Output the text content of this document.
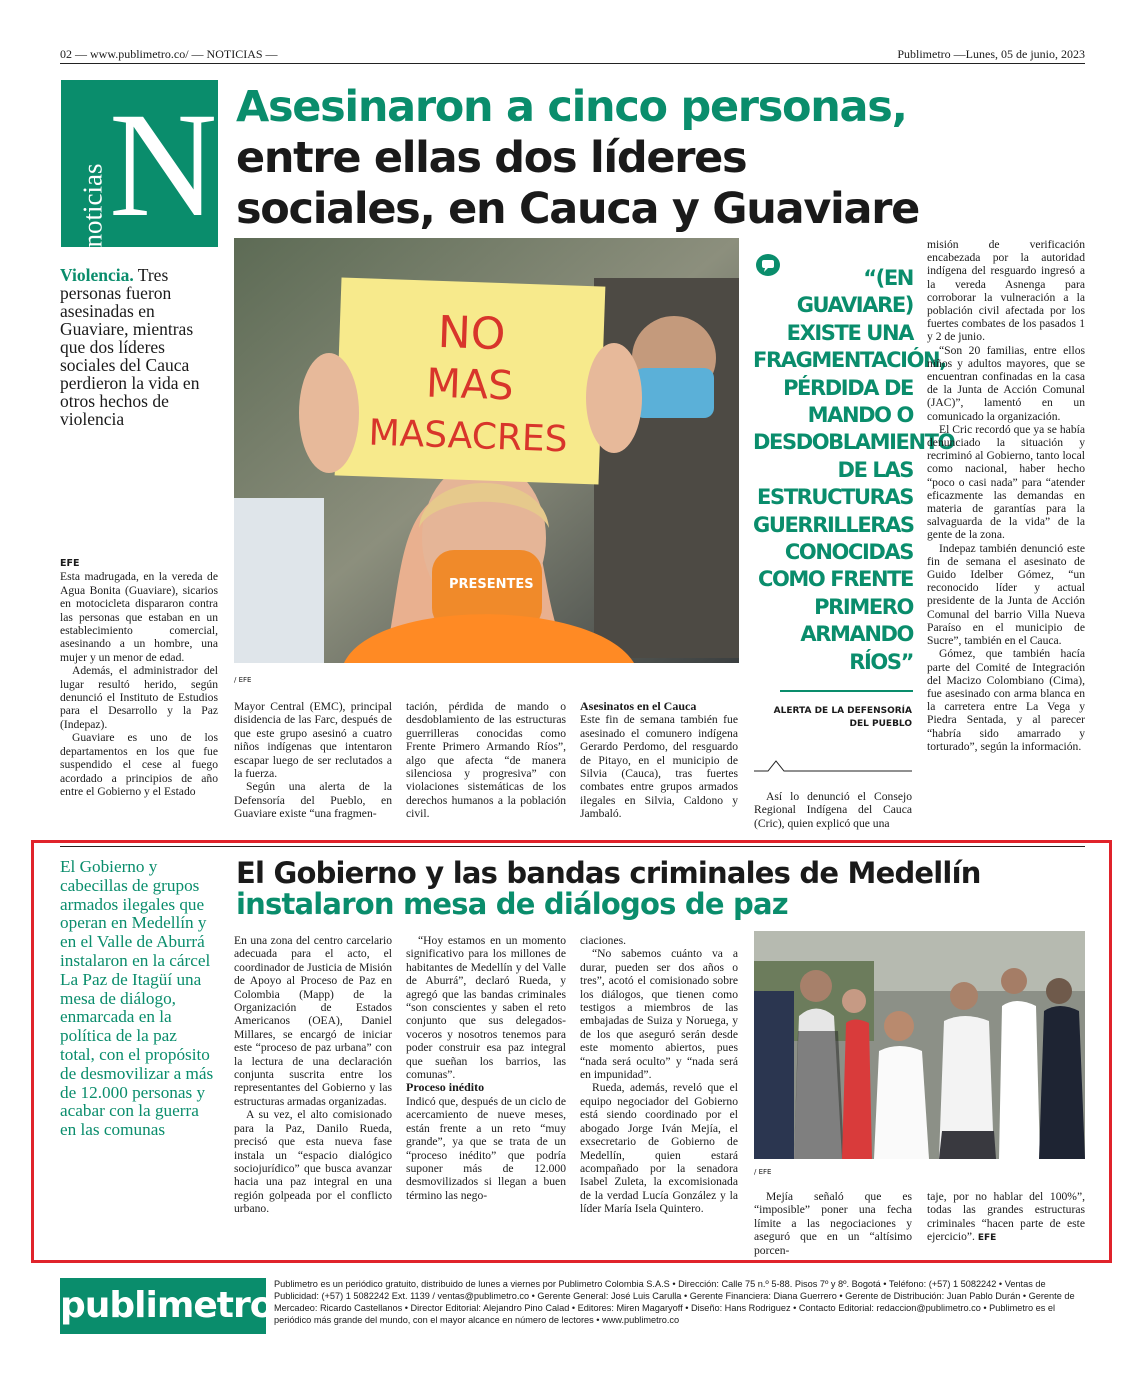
02 — www.publimetro.co/ — NOTICIAS —	Publimetro —Lunes, 05 de junio, 2023
noticias N Asesinaron a cinco personas,
entre ellas dos líderes
sociales, en Cauca y Guaviare
Violencia. Tres personas fueron asesinadas en Guaviare, mientras que dos líderes sociales del Cauca perdieron la vida en otros hechos de violencia
PRESENTES
NO
MAS
MASACRES
/ EFE
EFE

Esta madrugada, en la vereda de Agua Bonita (Guaviare), sicarios en motocicleta dispararon contra las personas que estaban en un establecimiento comercial, asesinando a un hombre, una mujer y un menor de edad.

Además, el administrador del lugar resultó herido, según denunció el Instituto de Estudios para el Desarrollo y la Paz (Indepaz).

Guaviare es uno de los departamentos en los que fue suspendido el cese al fuego acordado a principios de año entre el Gobierno y el Estado

Mayor Central (EMC), principal disidencia de las Farc, después de que este grupo asesinó a cuatro niños indígenas que intentaron escapar luego de ser reclutados a la fuerza.

Según una alerta de la Defensoría del Pueblo, en Guaviare existe “una fragmen-

tación, pérdida de mando o desdoblamiento de las estructuras guerrilleras conocidas como Frente Primero Armando Ríos”, algo que afecta “de manera silenciosa y progresiva” con violaciones sistemáticas de los derechos humanos a la población civil.

Asesinatos en el Cauca

Este fin de semana también fue asesinado el comunero indígena Gerardo Perdomo, del resguardo de Pitayo, en el municipio de Silvia (Cauca), tras fuertes combates entre grupos armados ilegales en Silvia, Caldono y Jambaló.

“(EN GUAVIARE) EXISTE UNA FRAGMENTACIÓN, PÉRDIDA DE MANDO O DESDOBLAMIENTO DE LAS ESTRUCTURAS GUERRILLERAS CONOCIDAS COMO FRENTE PRIMERO ARMANDO RÍOS”
ALERTA DE LA DEFENSORÍA DEL PUEBLO

Así lo denunció el Consejo Regional Indígena del Cauca (Cric), quien explicó que una

misión de verificación encabezada por la autoridad indígena del resguardo ingresó a la vereda Asnenga para corroborar la vulneración a la población civil afectada por los fuertes combates de los pasados 1 y 2 de junio.

“Son 20 familias, entre ellos niños y adultos mayores, que se encuentran confinadas en la casa de la Junta de Acción Comunal (JAC)”, lamentó en un comunicado la organización.

El Cric recordó que ya se había denunciado la situación y recriminó al Gobierno, tanto local como nacional, haber hecho “poco o casi nada” para “atender eficazmente las demandas en materia de garantías para la salvaguarda de la vida” de la gente de la zona.

Indepaz también denunció este fin de semana el asesinato de Guido Idelber Gómez, “un reconocido líder y actual presidente de la Junta de Acción Comunal del barrio Villa Nueva Paraíso en el municipio de Sucre”, también en el Cauca.

Gómez, que también hacía parte del Comité de Integración del Macizo Colombiano (Cima), fue asesinado con arma blanca en la carretera entre La Vega y Piedra Sentada, y al parecer “habría sido amarrado y torturado”, según la información.

El Gobierno y cabecillas de grupos armados ilegales que operan en Medellín y en el Valle de Aburrá instalaron en la cárcel La Paz de Itagüí una mesa de diálogo, enmarcada en la política de la paz total, con el propósito de desmovilizar a más de 12.000 personas y acabar con la guerra en las comunas
El Gobierno y las bandas criminales de Medellín instalaron mesa de diálogos de paz

En una zona del centro carcelario adecuada para el acto, el coordinador de Justicia de Misión de Apoyo al Proceso de Paz en Colombia (Mapp) de la Organización de Estados Americanos (OEA), Daniel Millares, se encargó de iniciar este “proceso de paz urbana” con la lectura de una declaración conjunta suscrita entre los representantes del Gobierno y las estructuras armadas organizadas.

A su vez, el alto comisionado para la Paz, Danilo Rueda, precisó que esta nueva fase instala un “espacio dialógico sociojurídico” que busca avanzar hacia una paz integral en una región golpeada por el conflicto urbano.

“Hoy estamos en un momento significativo para los millones de habitantes de Medellín y del Valle de Aburrá”, declaró Rueda, y agregó que las bandas criminales “son conscientes y saben el reto conjunto que sus delegados-voceros y nosotros tenemos para poder construir esa paz integral que sueñan los barrios, las comunas”.

Proceso inédito

Indicó que, después de un ciclo de acercamiento de nueve meses, están frente a un reto “muy grande”, ya que se trata de un “proceso inédito” que podría suponer más de 12.000 desmovilizados si llegan a buen término las nego-

ciaciones.

“No sabemos cuánto va a durar, pueden ser dos años o tres”, acotó el comisionado sobre los diálogos, que tienen como testigos a miembros de las embajadas de Suiza y Noruega, y de los que aseguró serán desde este momento abiertos, pues “nada será oculto” y “nada será en impunidad”.

Rueda, además, reveló que el equipo negociador del Gobierno está siendo coordinado por el abogado Jorge Iván Mejía, el exsecretario de Gobierno de Medellín, quien estará acompañado por la senadora Isabel Zuleta, la excomisionada de la verdad Lucía González y la líder María Isela Quintero.

/ EFE

Mejía señaló que es “imposible” poner una fecha límite a las negociaciones y aseguró que en un “altísimo porcen-

taje, por no hablar del 100%”, todas las grandes estructuras criminales “hacen parte de este ejercicio”. EFE

publimetro
Publimetro es un periódico gratuito, distribuido de lunes a viernes por Publimetro Colombia S.A.S • Dirección: Calle 75 n.º 5-88. Pisos 7º y 8º. Bogotá • Teléfono: (+57) 1 5082242 • Ventas de Publicidad: (+57) 1 5082242 Ext. 1139 / ventas@publimetro.co • Gerente General: José Luis Carulla • Gerente Financiera: Diana Guerrero • Gerente de Distribución: Juan Pablo Durán • Gerente de Mercadeo: Ricardo Castellanos • Director Editorial: Alejandro Pino Calad • Editores: Miren Magaryoff • Diseño: Hans Rodriguez • Contacto Editorial: redaccion@publimetro.co • Publimetro es el periódico más grande del mundo, con el mayor alcance en número de lectores • www.publimetro.co
